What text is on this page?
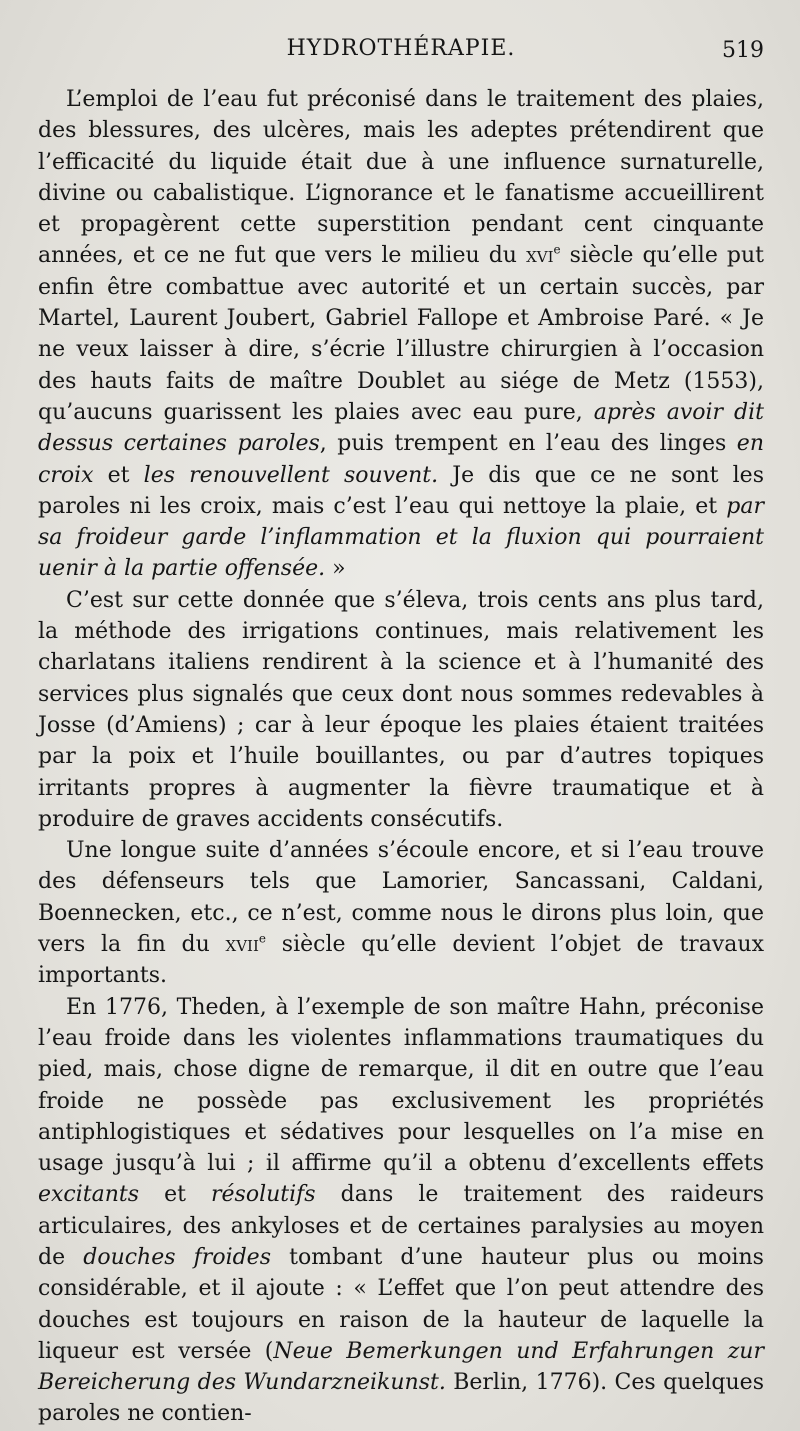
HYDROTHÉRAPIE.	519

L’emploi de l’eau fut préconisé dans le traitement des plaies, des blessures, des ulcères, mais les adeptes prétendirent que l’efficacité du liquide était due à une influence surnaturelle, divine ou cabalistique. L’ignorance et le fanatisme accueillirent et propagèrent cette superstition pendant cent cinquante années, et ce ne fut que vers le milieu du xvi$^e$ siècle qu’elle put enfin être combattue avec autorité et un certain succès, par Martel, Laurent Joubert, Gabriel Fallope et Ambroise Paré. « Je ne veux laisser à dire, s’écrie l’illustre chirurgien à l’occasion des hauts faits de maître Doublet au siége de Metz (1553), qu’aucuns guarissent les plaies avec eau pure, après avoir dit dessus certaines paroles, puis trempent en l’eau des linges en croix et les renouvellent souvent. Je dis que ce ne sont les paroles ni les croix, mais c’est l’eau qui nettoye la plaie, et par sa froideur garde l’inflammation et la fluxion qui pourraient uenir à la partie offensée. »

C’est sur cette donnée que s’éleva, trois cents ans plus tard, la méthode des irrigations continues, mais relativement les charlatans italiens rendirent à la science et à l’humanité des services plus signalés que ceux dont nous sommes redevables à Josse (d’Amiens) ; car à leur époque les plaies étaient traitées par la poix et l’huile bouillantes, ou par d’autres topiques irritants propres à augmenter la fièvre traumatique et à produire de graves accidents consécutifs.

Une longue suite d’années s’écoule encore, et si l’eau trouve des défenseurs tels que Lamorier, Sancassani, Caldani, Boennecken, etc., ce n’est, comme nous le dirons plus loin, que vers la fin du xvii$^e$ siècle qu’elle devient l’objet de travaux importants.

En 1776, Theden, à l’exemple de son maître Hahn, préconise l’eau froide dans les violentes inflammations traumatiques du pied, mais, chose digne de remarque, il dit en outre que l’eau froide ne possède pas exclusivement les propriétés antiphlogistiques et sédatives pour lesquelles on l’a mise en usage jusqu’à lui ; il affirme qu’il a obtenu d’excellents effets excitants et résolutifs dans le traitement des raideurs articulaires, des ankyloses et de certaines paralysies au moyen de douches froides tombant d’une hauteur plus ou moins considérable, et il ajoute : « L’effet que l’on peut attendre des douches est toujours en raison de la hauteur de laquelle la liqueur est versée (Neue Bemerkungen und Erfahrungen zur Bereicherung des Wundarzneikunst. Berlin, 1776). Ces quelques paroles ne contien-
